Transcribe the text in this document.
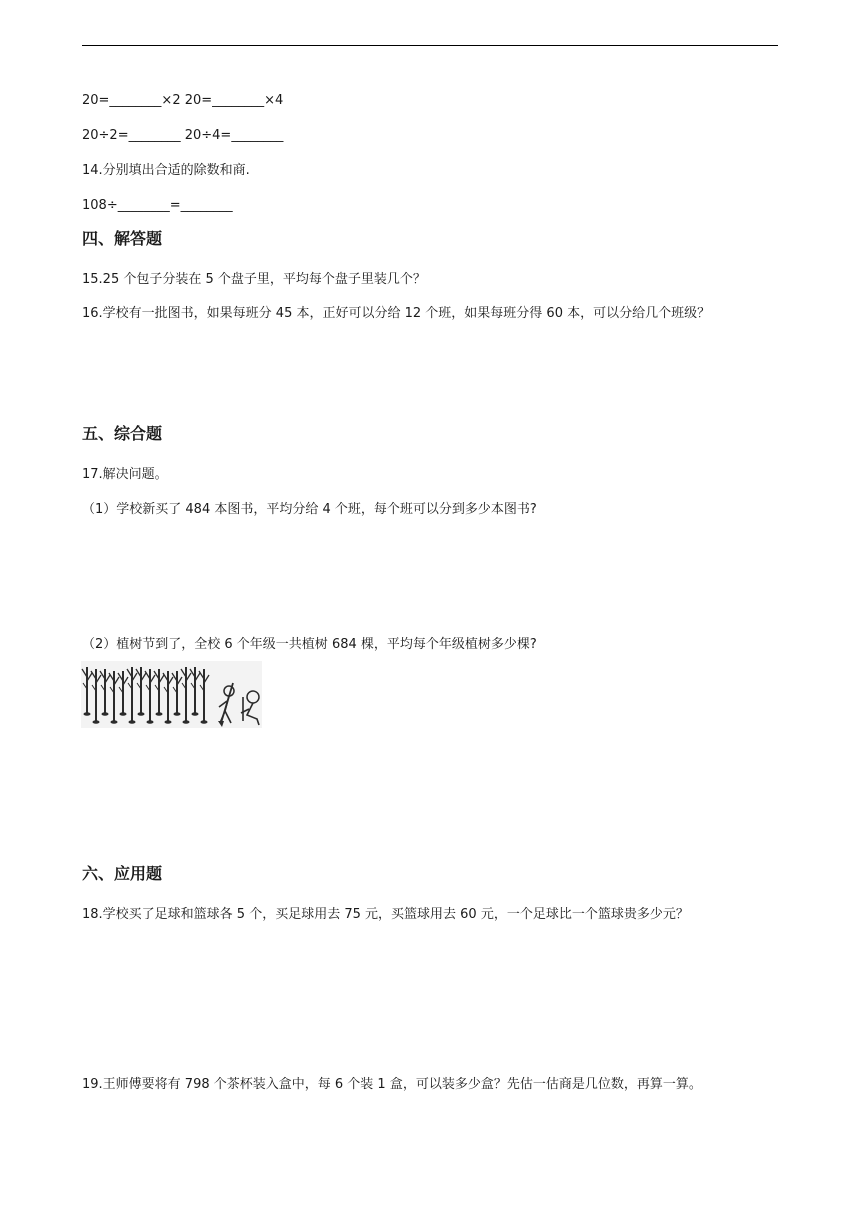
20=________×2 20=________×4
20÷2=________ 20÷4=________
14.分别填出合适的除数和商.
108÷________=________
四、解答题
15.25 个包子分装在 5 个盘子里，平均每个盘子里装几个？
16.学校有一批图书，如果每班分 45 本，正好可以分给 12 个班，如果每班分得 60 本，可以分给几个班级？
五、综合题
17.解决问题。
（1）学校新买了 484 本图书，平均分给 4 个班，每个班可以分到多少本图书?
（2）植树节到了，全校 6 个年级一共植树 684 棵，平均每个年级植树多少棵?
六、应用题
18.学校买了足球和篮球各 5 个，买足球用去 75 元，买篮球用去 60 元，一个足球比一个篮球贵多少元？
19.王师傅要将有 798 个茶杯装入盒中，每 6 个装 1 盒，可以装多少盒？先估一估商是几位数，再算一算。
